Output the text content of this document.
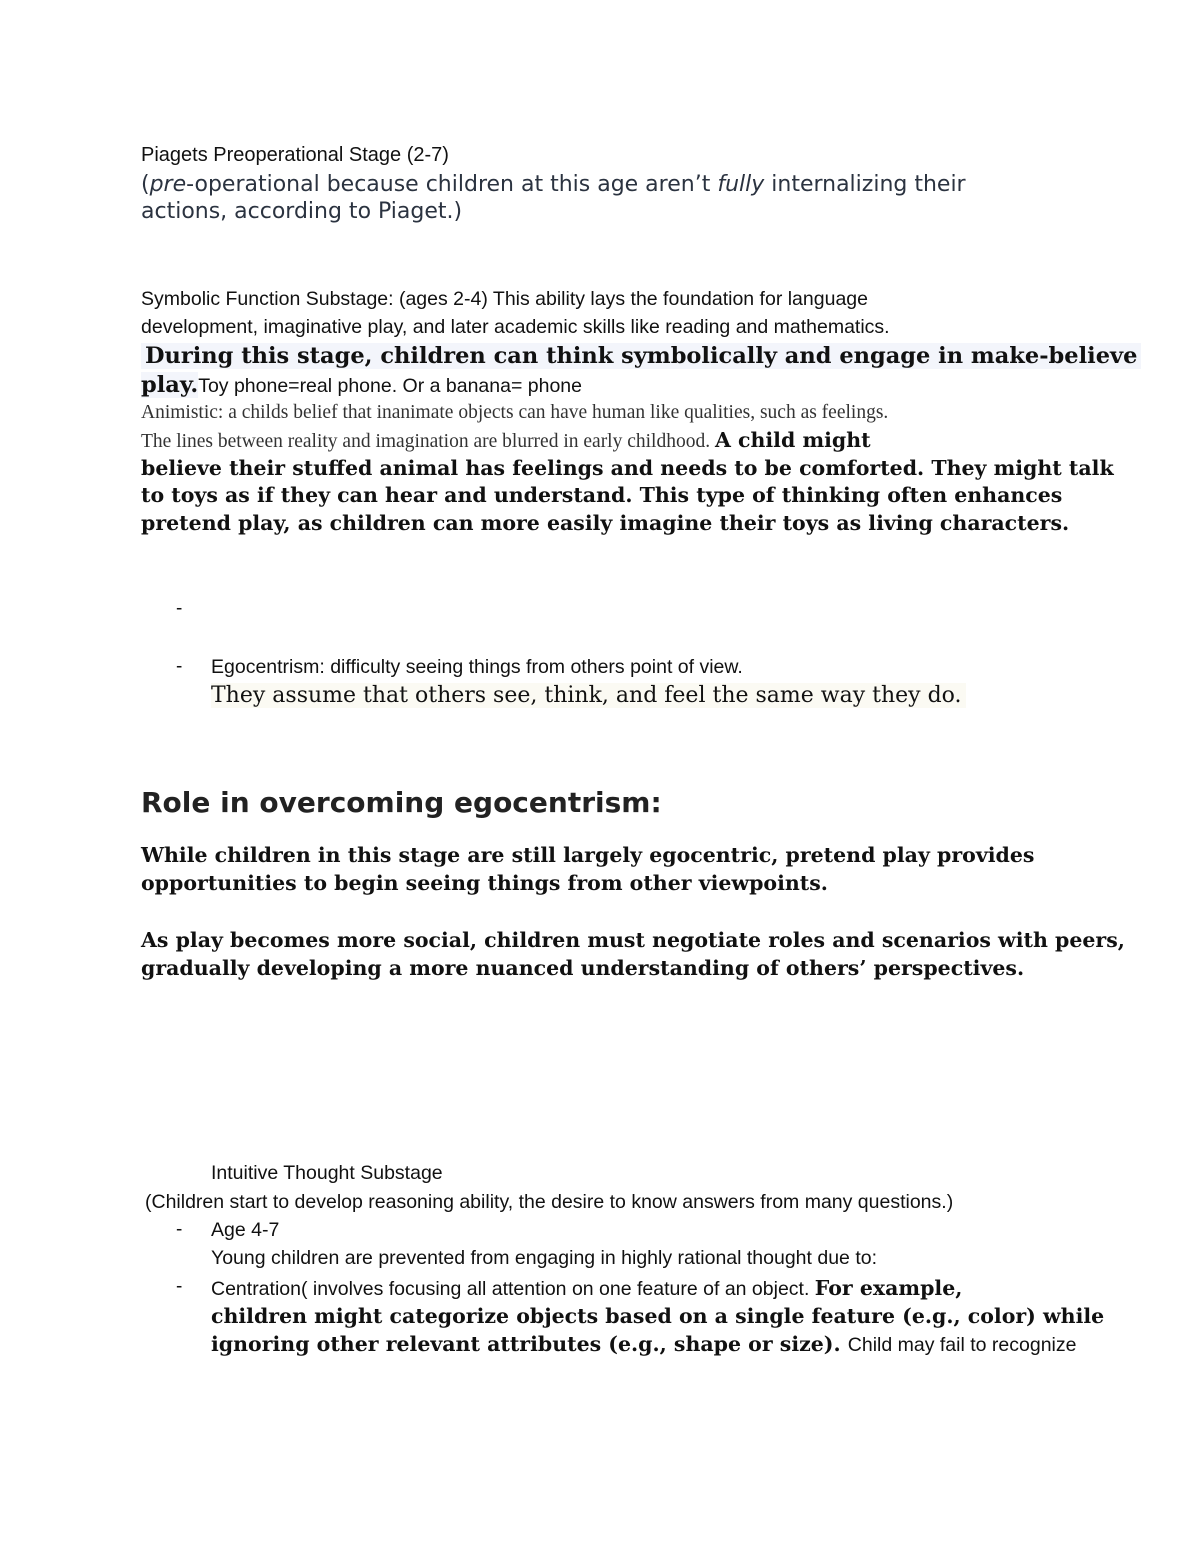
Piagets Preoperational Stage (2-7)
(pre-operational because children at this age aren’t fully internalizing their
actions, according to Piaget.)
Symbolic Function Substage: (ages 2-4) This ability lays the foundation for language
development, imaginative play, and later academic skills like reading and mathematics.
During this stage, children can think symbolically and engage in make-believe
play.Toy phone=real phone. Or a banana= phone
Animistic: a childs belief that inanimate objects can have human like qualities, such as feelings.
The lines between reality and imagination are blurred in early childhood. A child might
believe their stuffed animal has feelings and needs to be comforted. They might talk
to toys as if they can hear and understand. This type of thinking often enhances
pretend play, as children can more easily imagine their toys as living characters.
-
- Egocentrism: difficulty seeing things from others point of view.
They assume that others see, think, and feel the same way they do.
Role in overcoming egocentrism:
While children in this stage are still largely egocentric, pretend play provides
opportunities to begin seeing things from other viewpoints.
As play becomes more social, children must negotiate roles and scenarios with peers,
gradually developing a more nuanced understanding of others’ perspectives.
Intuitive Thought Substage
(Children start to develop reasoning ability, the desire to know answers from many questions.)
- Age 4-7
Young children are prevented from engaging in highly rational thought due to:
- Centration( involves focusing all attention on one feature of an object. For example,
children might categorize objects based on a single feature (e.g., color) while
ignoring other relevant attributes (e.g., shape or size). Child may fail to recognize
